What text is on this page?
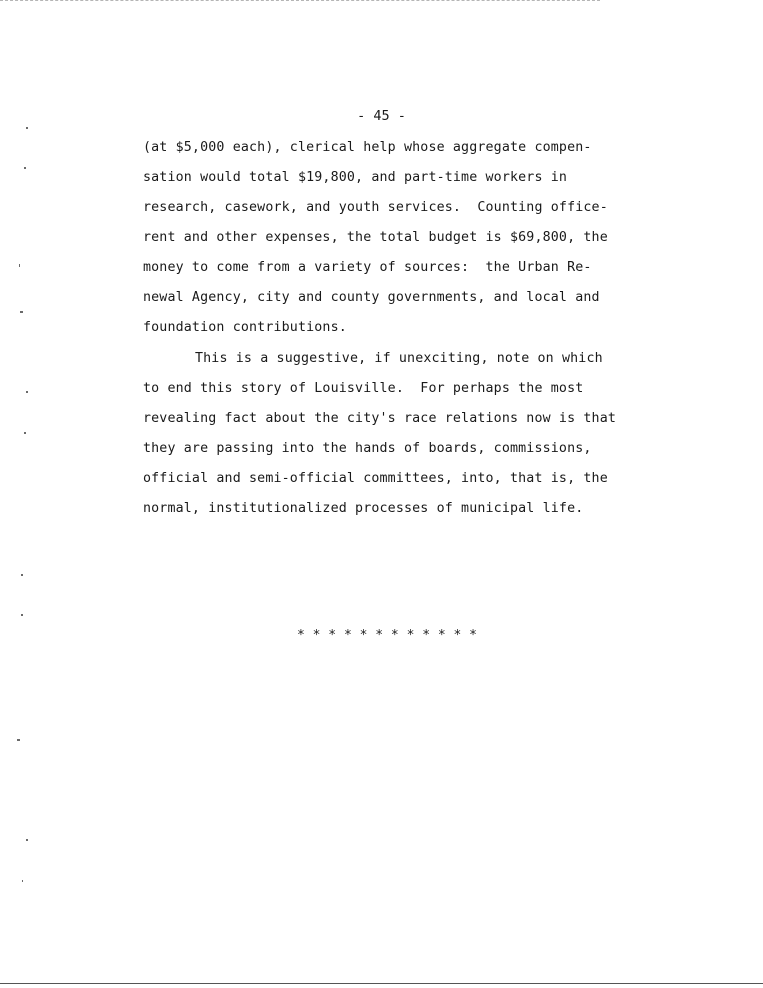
- 45 -
(at $5,000 each), clerical help whose aggregate compen-
sation would total $19,800, and part-time workers in
research, casework, and youth services.  Counting office-
rent and other expenses, the total budget is $69,800, the
money to come from a variety of sources:  the Urban Re-
newal Agency, city and county governments, and local and
foundation contributions.
This is a suggestive, if unexciting, note on which
to end this story of Louisville.  For perhaps the most
revealing fact about the city's race relations now is that
they are passing into the hands of boards, commissions,
official and semi-official committees, into, that is, the
normal, institutionalized processes of municipal life.
* * * * * * * * * * * *
